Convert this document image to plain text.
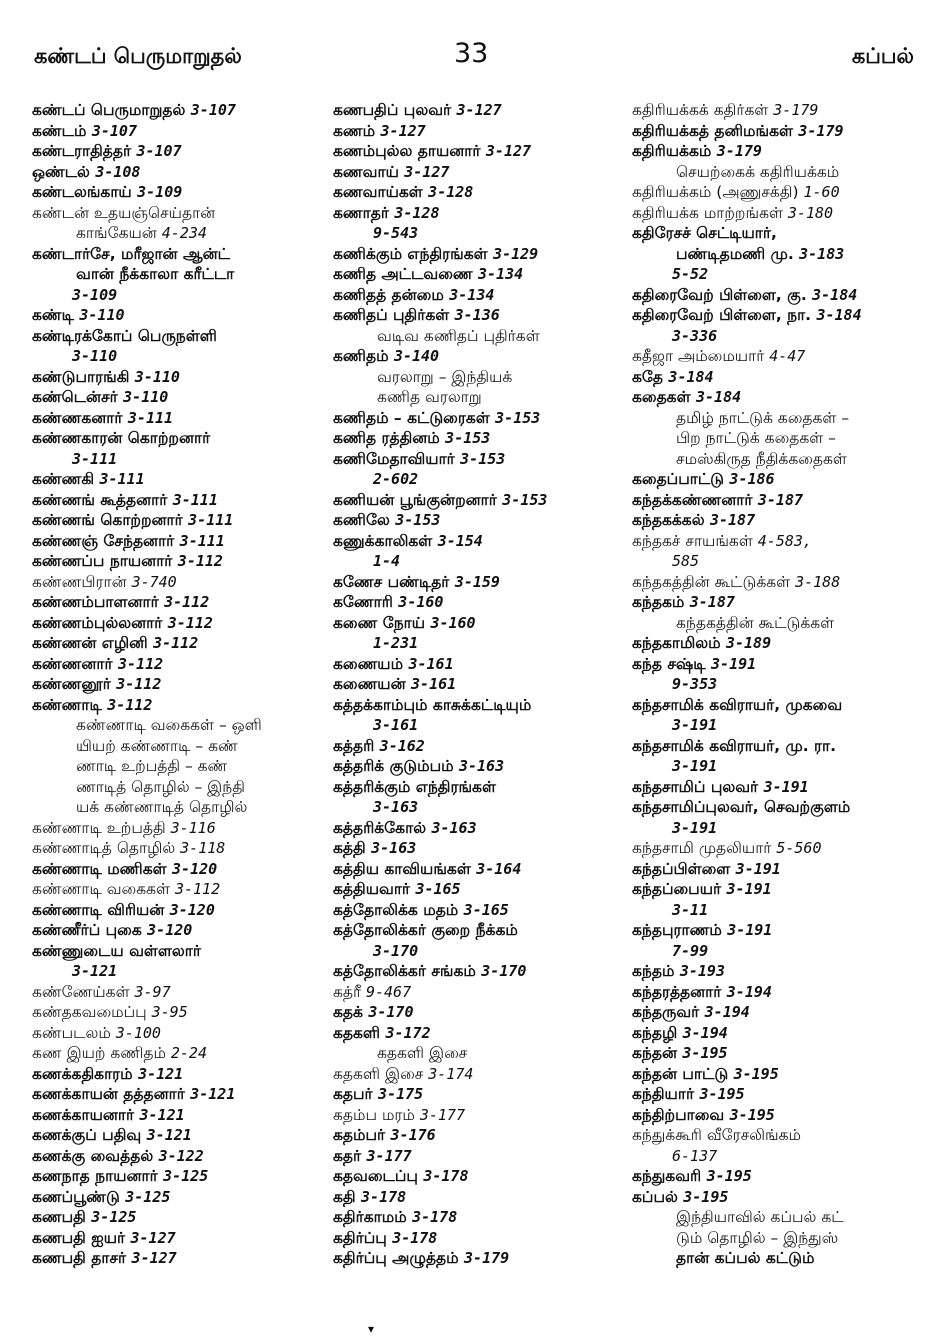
கண்டப் பெருமாறுதல்	33	கப்பல்
கண்டப் பெருமாறுதல் 3-107
கண்டம் 3-107
கண்டராதித்தர் 3-107
ஒண்டல் 3-108
கண்டலங்காய் 3-109
கண்டன் உதயஞ்செய்தான்
காங்கேயன் 4-234
கண்டார்சே, மரீஜான் ஆன்ட்
வான் நீக்காலா கரீட்டா
3-109
கண்டி 3-110
கண்டிரக்கோப் பெருநள்ளி
3-110
கண்டுபாரங்கி 3-110
கண்டென்சர் 3-110
கண்ணகனார் 3-111
கண்ணகாரன் கொற்றனார்
3-111
கண்ணகி 3-111
கண்ணங் கூத்தனார் 3-111
கண்ணங் கொற்றனார் 3-111
கண்ணஞ் சேந்தனார் 3-111
கண்ணப்ப நாயனார் 3-112
கண்ணபிரான் 3-740
கண்ணம்பாளனார் 3-112
கண்ணம்புல்லனார் 3-112
கண்ணன் எழினி 3-112
கண்ணனார் 3-112
கண்ணனூர் 3-112
கண்ணாடி 3-112
கண்ணாடி வகைகள் – ஒளி
யியற் கண்ணாடி – கண்
ணாடி உற்பத்தி – கண்
ணாடித் தொழில் – இந்தி
யக் கண்ணாடித் தொழில்
கண்ணாடி உற்பத்தி 3-116
கண்ணாடித் தொழில் 3-118
கண்ணாடி மணிகள் 3-120
கண்ணாடி வகைகள் 3-112
கண்ணாடி விரியன் 3-120
கண்ணீர்ப் புகை 3-120
கண்ணுடைய வள்ளலார்
3-121
கண்ணேய்கள் 3-97
கண்தகவமைப்பு 3-95
கண்படலம் 3-100
கண இயற் கணிதம் 2-24
கணக்கதிகாரம் 3-121
கணக்காயன் தத்தனார் 3-121
கணக்காயனார் 3-121
கணக்குப் பதிவு 3-121
கணக்கு வைத்தல் 3-122
கணநாத நாயனார் 3-125
கணப்பூண்டு 3-125
கணபதி 3-125
கணபதி ஐயர் 3-127
கணபதி தாசர் 3-127
கணபதிப் புலவர் 3-127
கணம் 3-127
கணம்புல்ல தாயனார் 3-127
கணவாய் 3-127
கணவாய்கள் 3-128
கணாதர் 3-128
9-543
கணிக்கும் எந்திரங்கள் 3-129
கணித அட்டவணை 3-134
கணிதத் தன்மை 3-134
கணிதப் புதிர்கள் 3-136
வடிவ கணிதப் புதிர்கள்
கணிதம் 3-140
வரலாறு – இந்தியக்
கணித வரலாறு
கணிதம் – கட்டுரைகள் 3-153
கணித ரத்தினம் 3-153
கணிமேதாவியார் 3-153
2-602
கணியன் பூங்குன்றனார் 3-153
கணிலே 3-153
கணுக்காலிகள் 3-154
1-4
கணேச பண்டிதர் 3-159
கணோரி 3-160
கணை நோய் 3-160
1-231
கணையம் 3-161
கணையன் 3-161
கத்தக்காம்பும் காசுக்கட்டியும்
3-161
கத்தரி 3-162
கத்தரிக் குடும்பம் 3-163
கத்தரிக்கும் எந்திரங்கள்
3-163
கத்தரிக்கோல் 3-163
கத்தி 3-163
கத்திய காவியங்கள் 3-164
கத்தியவார் 3-165
கத்தோலிக்க மதம் 3-165
கத்தோலிக்கர் குறை நீக்கம்
3-170
கத்தோலிக்கர் சங்கம் 3-170
கத்ரீ 9-467
கதக் 3-170
கதகளி 3-172
கதகளி இசை
கதகளி இசை 3-174
கதபர் 3-175
கதம்ப மரம் 3-177
கதம்பர் 3-176
கதர் 3-177
கதவடைப்பு 3-178
கதி 3-178
கதிர்காமம் 3-178
கதிர்ப்பு 3-178
கதிர்ப்பு அழுத்தம் 3-179
கதிரியக்கக் கதிர்கள் 3-179
கதிரியக்கத் தனிமங்கள் 3-179
கதிரியக்கம் 3-179
செயற்கைக் கதிரியக்கம்
கதிரியக்கம் (அணுசக்தி) 1-60
கதிரியக்க மாற்றங்கள் 3-180
கதிரேசச் செட்டியார்,
பண்டிதமணி மு. 3-183
5-52
கதிரைவேற் பிள்ளை, கு. 3-184
கதிரைவேற் பிள்ளை, நா. 3-184
3-336
கதீஜா அம்மையார் 4-47
கதே 3-184
கதைகள் 3-184
தமிழ் நாட்டுக் கதைகள் –
பிற நாட்டுக் கதைகள் –
சமஸ்கிருத நீதிக்கதைகள்
கதைப்பாட்டு 3-186
கந்தக்கண்ணனார் 3-187
கந்தகக்கல் 3-187
கந்தகச் சாயங்கள் 4-583,
585
கந்தகத்தின் கூட்டுக்கள் 3-188
கந்தகம் 3-187
கந்தகத்தின் கூட்டுக்கள்
கந்தகாமிலம் 3-189
கந்த சஷ்டி 3-191
9-353
கந்தசாமிக் கவிராயர், முகவை
3-191
கந்தசாமிக் கவிராயர், மு. ரா.
3-191
கந்தசாமிப் புலவர் 3-191
கந்தசாமிப்புலவர், செவற்குளம்
3-191
கந்தசாமி முதலியார் 5-560
கந்தப்பிள்ளை 3-191
கந்தப்பையர் 3-191
3-11
கந்தபுராணம் 3-191
7-99
கந்தம் 3-193
கந்தரத்தனார் 3-194
கந்தருவர் 3-194
கந்தழி 3-194
கந்தன் 3-195
கந்தன் பாட்டு 3-195
கந்தியார் 3-195
கந்திற்பாவை 3-195
கந்துக்கூரி வீரேசலிங்கம்
6-137
கந்துகவரி 3-195
கப்பல் 3-195
இந்தியாவில் கப்பல் கட்
டும் தொழில் – இந்துஸ்
தான் கப்பல் கட்டும்
▾
